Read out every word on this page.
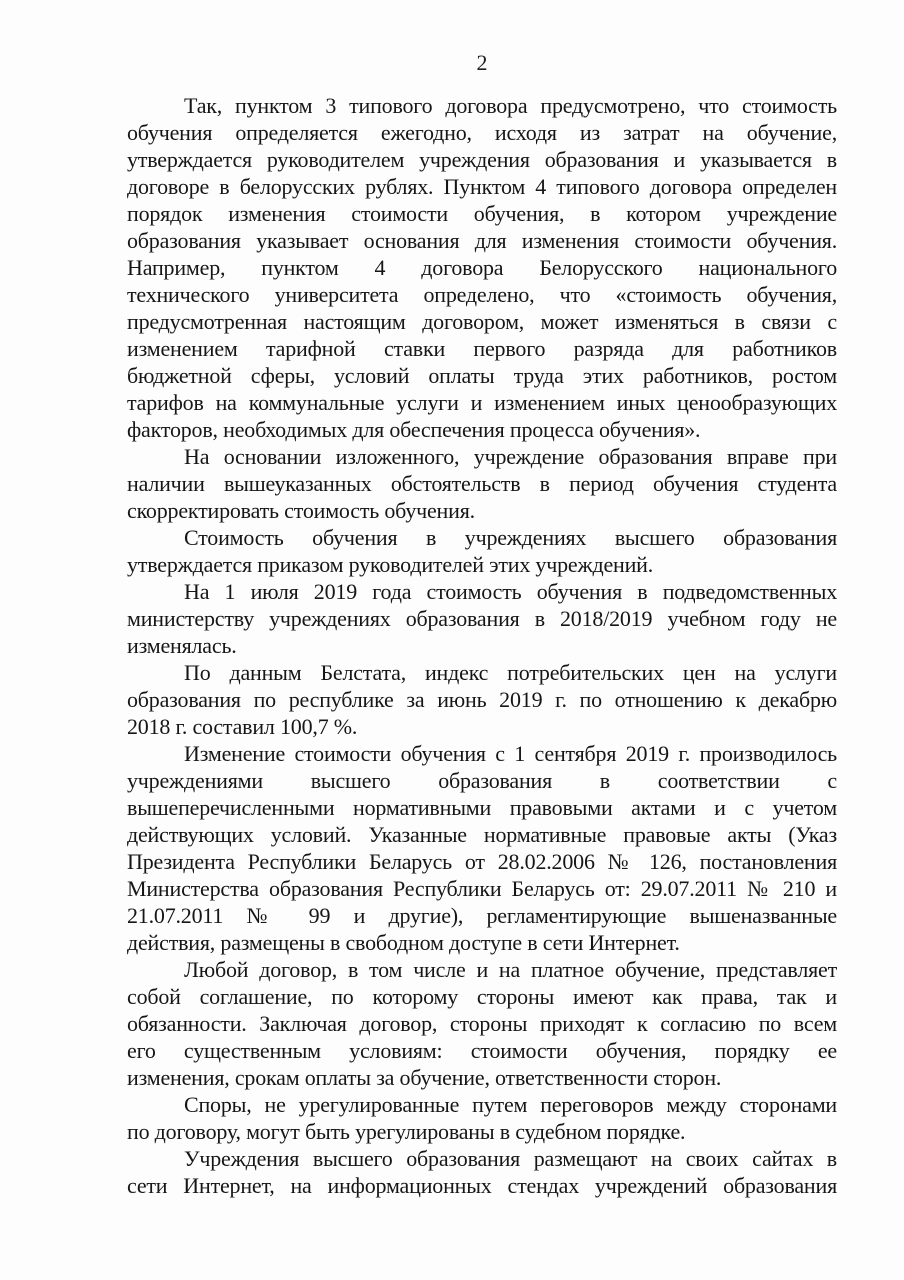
2
Так, пунктом 3 типового договора предусмотрено, что стоимость
обучения определяется ежегодно, исходя из затрат на обучение,
утверждается руководителем учреждения образования и указывается в
договоре в белорусских рублях. Пунктом 4 типового договора определен
порядок изменения стоимости обучения, в котором учреждение
образования указывает основания для изменения стоимости обучения.
Например, пунктом 4 договора Белорусского национального
технического университета определено, что «стоимость обучения,
предусмотренная настоящим договором, может изменяться в связи с
изменением тарифной ставки первого разряда для работников
бюджетной сферы, условий оплаты труда этих работников, ростом
тарифов на коммунальные услуги и изменением иных ценообразующих
факторов, необходимых для обеспечения процесса обучения».
На основании изложенного, учреждение образования вправе при
наличии вышеуказанных обстоятельств в период обучения студента
скорректировать стоимость обучения.
Стоимость обучения в учреждениях высшего образования
утверждается приказом руководителей этих учреждений.
На 1 июля 2019 года стоимость обучения в подведомственных
министерству учреждениях образования в 2018/2019 учебном году не
изменялась.
По данным Белстата, индекс потребительских цен на услуги
образования по республике за июнь 2019 г. по отношению к декабрю
2018 г. составил 100,7 %.
Изменение стоимости обучения с 1 сентября 2019 г. производилось
учреждениями высшего образования в соответствии с
вышеперечисленными нормативными правовыми актами и с учетом
действующих условий. Указанные нормативные правовые акты (Указ
Президента Республики Беларусь от 28.02.2006 № 126, постановления
Министерства образования Республики Беларусь от: 29.07.2011 № 210 и
21.07.2011 № 99 и другие), регламентирующие вышеназванные
действия, размещены в свободном доступе в сети Интернет.
Любой договор, в том числе и на платное обучение, представляет
собой соглашение, по которому стороны имеют как права, так и
обязанности. Заключая договор, стороны приходят к согласию по всем
его существенным условиям: стоимости обучения, порядку ее
изменения, срокам оплаты за обучение, ответственности сторон.
Споры, не урегулированные путем переговоров между сторонами
по договору, могут быть урегулированы в судебном порядке.
Учреждения высшего образования размещают на своих сайтах в
сети Интернет, на информационных стендах учреждений образования
